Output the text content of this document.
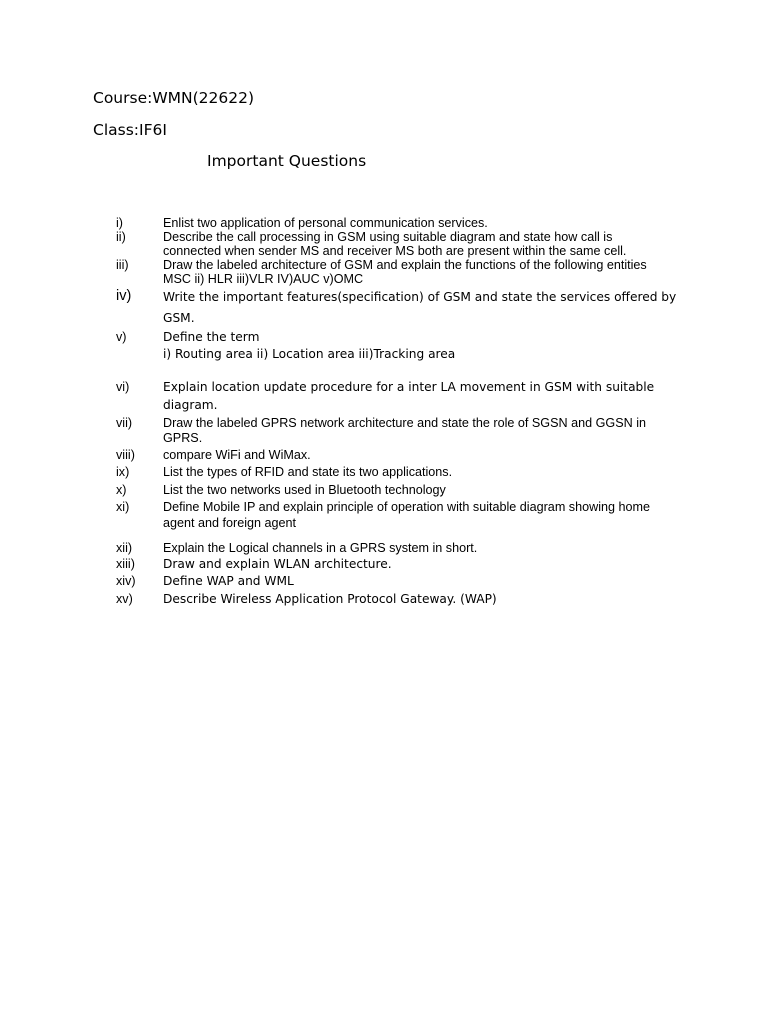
Course:WMN(22622)
Class:IF6I
Important Questions
i)	Enlist two application of personal communication services.
ii)	Describe the call processing in GSM using suitable diagram and state how call is
connected when sender MS and receiver MS both are present within the same cell.
iii)	Draw the labeled architecture of GSM and explain the functions of the following entities
MSC ii) HLR iii)VLR IV)AUC v)OMC
iv)	Write the important features(specification) of GSM and state the services offered by
GSM.
v)	Define the term
i) Routing area ii) Location area iii)Tracking area
vi)	Explain location update procedure for a inter LA movement in GSM with suitable
diagram.
vii) Draw the labeled GPRS network architecture and state the role of SGSN and GGSN in
GPRS.
viii) compare WiFi and WiMax.
ix)	List the types of RFID and state its two applications.
x)	List the two networks used in Bluetooth technology
xi)	Define Mobile IP and explain principle of operation with suitable diagram showing home
agent and foreign agent
xii) Explain the Logical channels in a GPRS system in short.
xiii) Draw and explain WLAN architecture.
xiv) Define WAP and WML
xv) Describe Wireless Application Protocol Gateway. (WAP)
